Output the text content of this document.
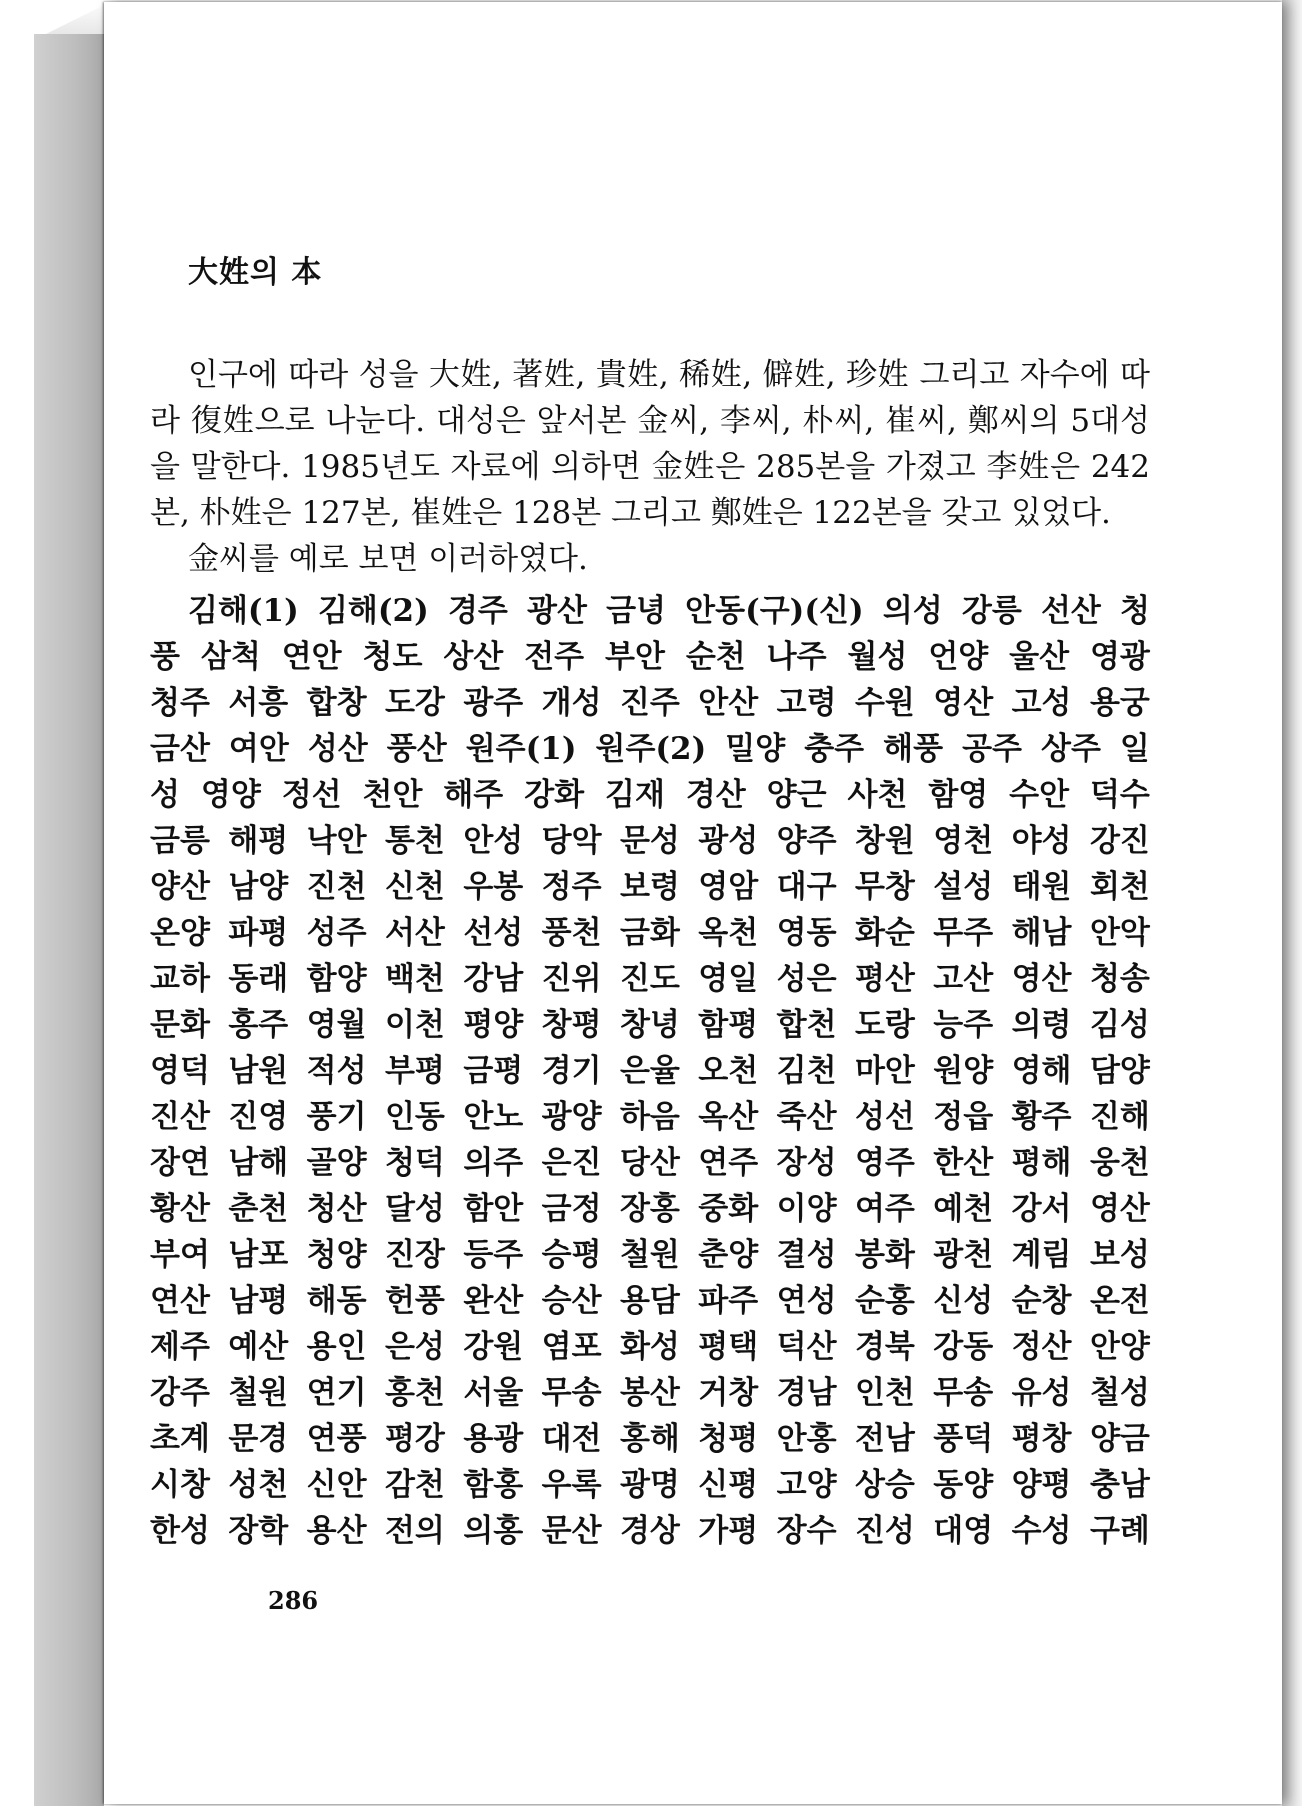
大姓의 本

인구에 따라 성을 大姓, 著姓, 貴姓, 稀姓, 僻姓, 珍姓 그리고 자수에 따라 復姓으로 나눈다. 대성은 앞서본 金씨, 李씨, 朴씨, 崔씨, 鄭씨의 5대성을 말한다. 1985년도 자료에 의하면 金姓은 285본을 가졌고 李姓은 242본, 朴姓은 127본, 崔姓은 128본 그리고 鄭姓은 122본을 갖고 있었다.

金씨를 예로 보면 이러하였다.

김해(1) 김해(2) 경주 광산 금녕 안동(구)(신) 의성 강릉 선산 청
풍 삼척 연안 청도 상산 전주 부안 순천 나주 월성 언양 울산 영광
청주 서흥 합창 도강 광주 개성 진주 안산 고령 수원 영산 고성 용궁
금산 여안 성산 풍산 원주(1) 원주(2) 밀양 충주 해풍 공주 상주 일
성 영양 정선 천안 해주 강화 김재 경산 양근 사천 함영 수안 덕수
금릉 해평 낙안 통천 안성 당악 문성 광성 양주 창원 영천 야성 강진
양산 남양 진천 신천 우봉 정주 보령 영암 대구 무창 설성 태원 회천
온양 파평 성주 서산 선성 풍천 금화 옥천 영동 화순 무주 해남 안악
교하 동래 함양 백천 강남 진위 진도 영일 성은 평산 고산 영산 청송
문화 홍주 영월 이천 평양 창평 창녕 함평 합천 도랑 능주 의령 김성
영덕 남원 적성 부평 금평 경기 은율 오천 김천 마안 원양 영해 담양
진산 진영 풍기 인동 안노 광양 하음 옥산 죽산 성선 정읍 황주 진해
장연 남해 골양 청덕 의주 은진 당산 연주 장성 영주 한산 평해 웅천
황산 춘천 청산 달성 함안 금정 장홍 중화 이양 여주 예천 강서 영산
부여 남포 청양 진장 등주 승평 철원 춘양 결성 봉화 광천 계림 보성
연산 남평 해동 헌풍 완산 승산 용담 파주 연성 순홍 신성 순창 온전
제주 예산 용인 은성 강원 염포 화성 평택 덕산 경북 강동 정산 안양
강주 철원 연기 홍천 서울 무송 봉산 거창 경남 인천 무송 유성 철성
초계 문경 연풍 평강 용광 대전 홍해 청평 안홍 전남 풍덕 평창 양금
시창 성천 신안 감천 함홍 우록 광명 신평 고양 상승 동양 양평 충남
한성 장학 용산 전의 의홍 문산 경상 가평 장수 진성 대영 수성 구례
286
